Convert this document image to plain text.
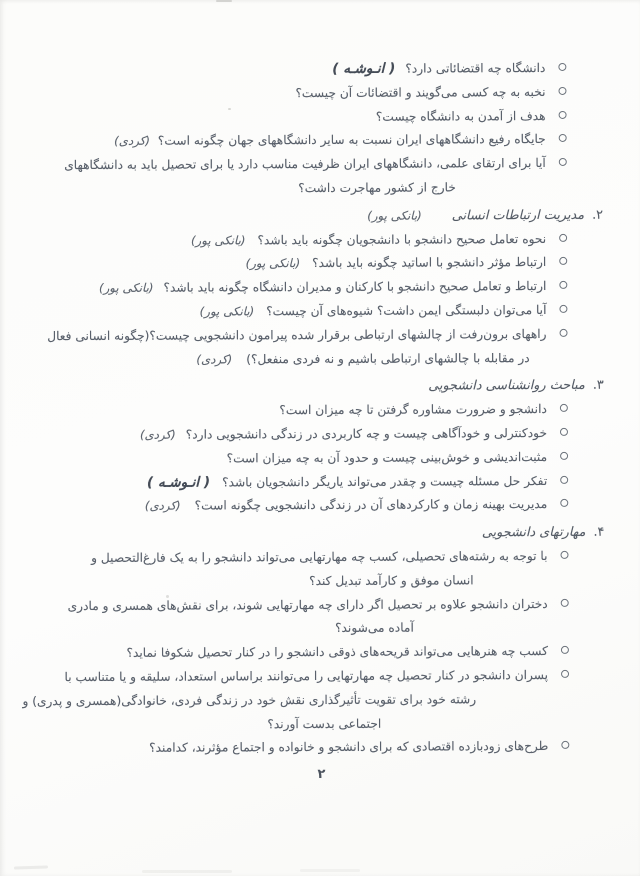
دانشگاه چه اقتضائاتی دارد؟( انـوشـه )
نخبه به چه کسی می‌گویند و اقتضائات آن چیست؟
هدف از آمدن به دانشگاه چیست؟
جایگاه رفیع دانشگاههای ایران نسبت به سایر دانشگاههای جهان چگونه است؟(کردی)
آیا برای ارتقای علمی، دانشگاههای ایران ظرفیت مناسب دارد یا برای تحصیل باید به دانشگاههای
خارج از کشور مهاجرت داشت؟
۲.مدیریت ارتباطات انسانی(بانکی پور)
نحوه تعامل صحیح دانشجو با دانشجویان چگونه باید باشد؟(بانکی پور)
ارتباط مؤثر دانشجو با اساتید چگونه باید باشد؟(بانکی پور)
ارتباط و تعامل صحیح دانشجو با کارکنان و مدیران دانشگاه چگونه باید باشد؟(بانکی پور)
آیا می‌توان دلبستگی ایمن داشت؟ شیوه‌های آن چیست؟(بانکی پور)
راههای برون‌رفت از چالشهای ارتباطی برقرار شده پیرامون دانشجویی چیست؟(چگونه انسانی فعال
در مقابله با چالشهای ارتباطی باشیم و نه فردی منفعل؟)(کردی)
۳.مباحث روانشناسی دانشجویی
دانشجو و ضرورت مشاوره گرفتن تا چه میزان است؟
خودکنترلی و خودآگاهی چیست و چه کاربردی در زندگی دانشجویی دارد؟(کردی)
مثبت‌اندیشی و خوش‌بینی چیست و حدود آن به چه میزان است؟
تفکر حل مسئله چیست و چقدر می‌تواند یاریگر دانشجویان باشد؟( انـوشـه )
مدیریت بهینه زمان و کارکردهای آن در زندگی دانشجویی چگونه است؟(کردی)
۴.مهارتهای دانشجویی
با توجه به رشته‌های تحصیلی، کسب چه مهارتهایی می‌تواند دانشجو را به یک فارغ‌التحصیل و
انسان موفق و کارآمد تبدیل کند؟
دختران دانشجو علاوه بر تحصیل اگر دارای چه مهارتهایی شوند، برای نقش‌های همسری و مادری
آماده می‌شوند؟
کسب چه هنرهایی می‌تواند قریحه‌های ذوقی دانشجو را در کنار تحصیل شکوفا نماید؟
پسران دانشجو در کنار تحصیل چه مهارتهایی را می‌توانند براساس استعداد، سلیقه و یا متناسب با
رشته خود برای تقویت تأثیرگذاری نقش خود در زندگی فردی، خانوادگی(همسری و پدری) و
اجتماعی بدست آورند؟
طرح‌های زودبازده اقتصادی که برای دانشجو و خانواده و اجتماع مؤثرند، کدامند؟
۲
